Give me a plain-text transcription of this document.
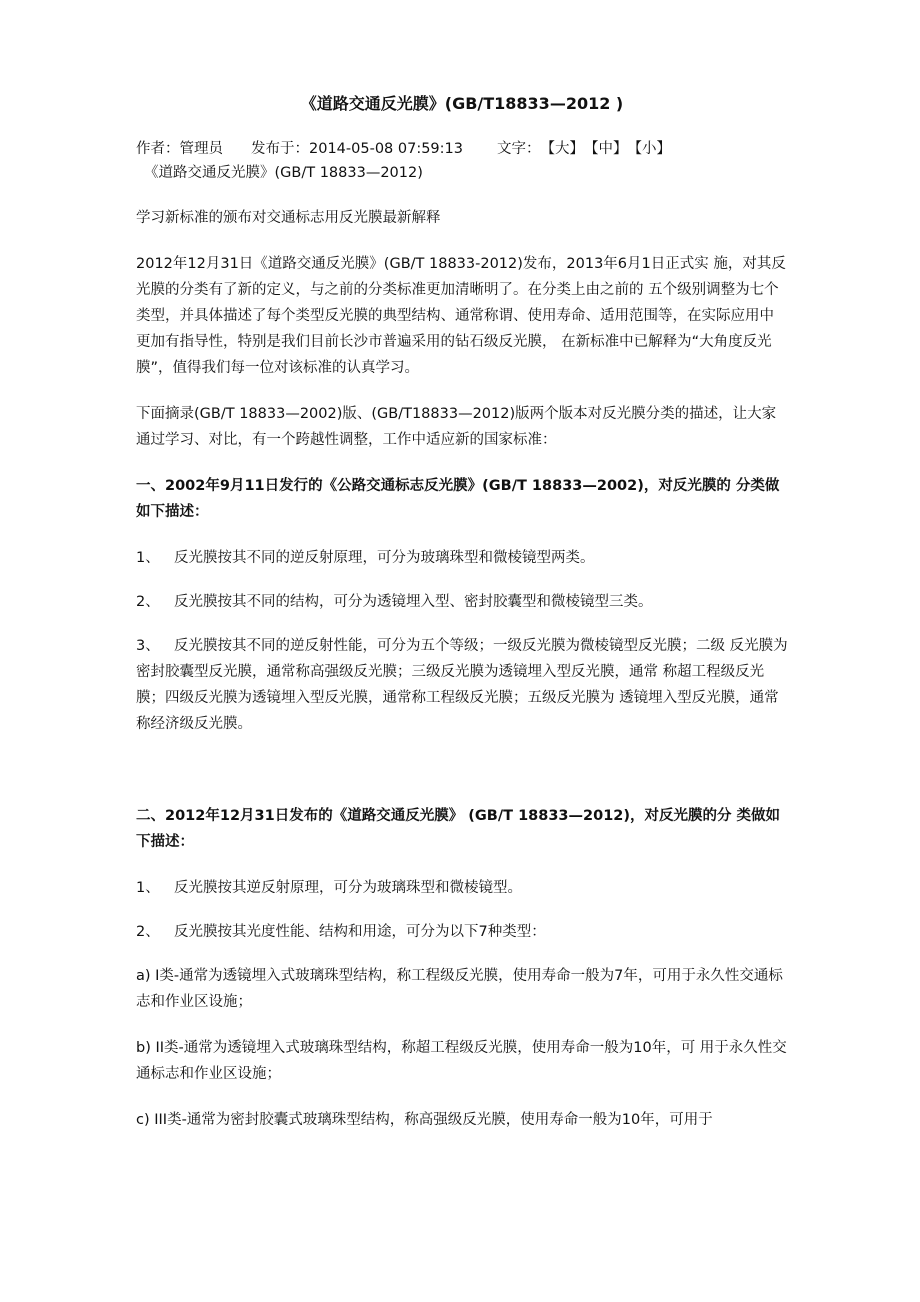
《道路交通反光膜》(GB/T18833—2012 )
作者：管理员 发布于：2014-05-08 07:59:13 文字：【大】【中】【小】
《道路交通反光膜》(GB/T 18833—2012)

学习新标准的颁布对交通标志用反光膜最新解释

2012年12月31日《道路交通反光膜》(GB/T 18833-2012)发布，2013年6月1日正式实 施，对其反光膜的分类有了新的定义，与之前的分类标准更加清晰明了。在分类上由之前的 五个级别调整为七个类型，并具体描述了每个类型反光膜的典型结构、通常称谓、使用寿命、适用范围等，在实际应用中更加有指导性，特别是我们目前长沙市普遍采用的钻石级反光膜， 在新标准中已解释为“大角度反光膜”，值得我们每一位对该标准的认真学习。

下面摘录(GB/T 18833—2002)版、(GB/T18833—2012)版两个版本对反光膜分类的描述，让大家通过学习、对比，有一个跨越性调整，工作中适应新的国家标准：

一、2002年9月11日发行的《公路交通标志反光膜》(GB/T 18833—2002)，对反光膜的 分类做如下描述：

1、 反光膜按其不同的逆反射原理，可分为玻璃珠型和微棱镜型两类。

2、 反光膜按其不同的结构，可分为透镜埋入型、密封胶囊型和微棱镜型三类。

3、 反光膜按其不同的逆反射性能，可分为五个等级；一级反光膜为微棱镜型反光膜；二级 反光膜为密封胶囊型反光膜，通常称高强级反光膜；三级反光膜为透镜埋入型反光膜，通常 称超工程级反光膜；四级反光膜为透镜埋入型反光膜，通常称工程级反光膜；五级反光膜为 透镜埋入型反光膜，通常称经济级反光膜。

二、2012年12月31日发布的《道路交通反光膜》 (GB/T 18833—2012)，对反光膜的分 类做如下描述：

1、 反光膜按其逆反射原理，可分为玻璃珠型和微棱镜型。

2、 反光膜按其光度性能、结构和用途，可分为以下7种类型：

a) I类-通常为透镜埋入式玻璃珠型结构，称工程级反光膜，使用寿命一般为7年，可用于永久性交通标志和作业区设施；

b) II类-通常为透镜埋入式玻璃珠型结构，称超工程级反光膜，使用寿命一般为10年，可 用于永久性交通标志和作业区设施；

c) III类-通常为密封胶囊式玻璃珠型结构，称高强级反光膜，使用寿命一般为10年，可用于
